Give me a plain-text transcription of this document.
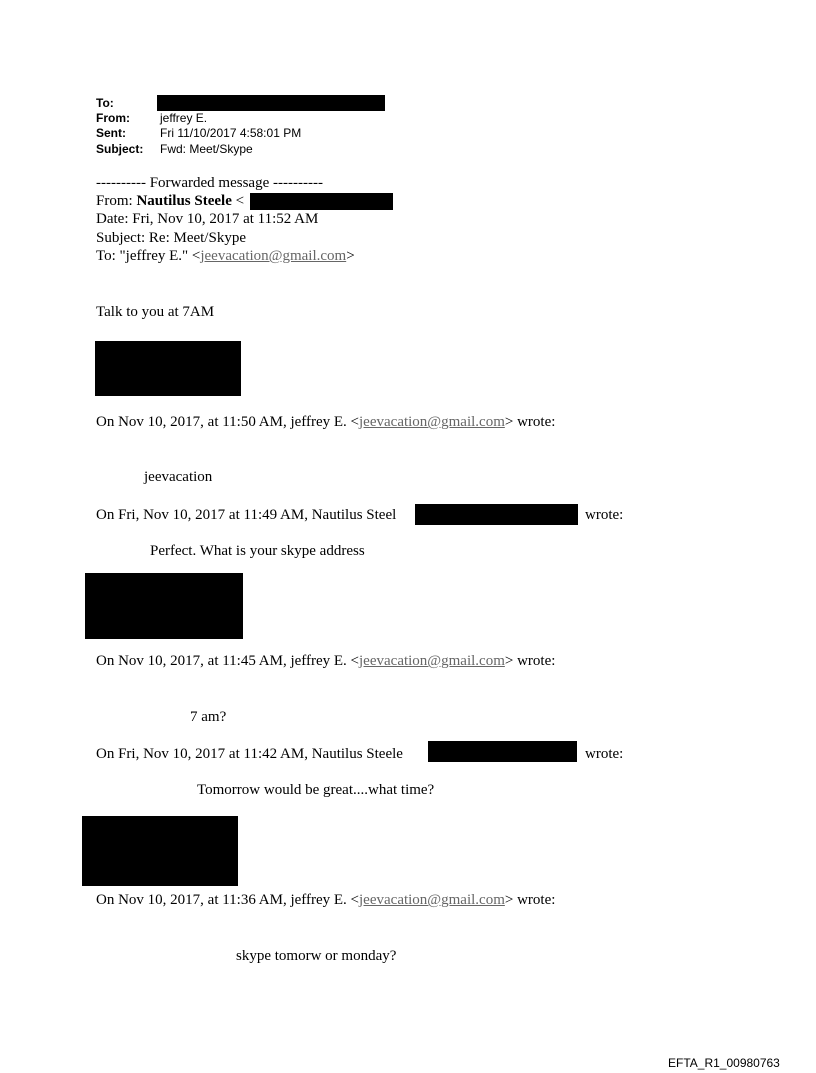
To:
From:	jeffrey E.
Sent:	Fri 11/10/2017 4:58:01 PM
Subject: Fwd: Meet/Skype
---------- Forwarded message ----------
From: Nautilus Steele <
Date: Fri, Nov 10, 2017 at 11:52 AM
Subject: Re: Meet/Skype
To: "jeffrey E." <jeevacation@gmail.com>
Talk to you at 7AM
On Nov 10, 2017, at 11:50 AM, jeffrey E. <jeevacation@gmail.com> wrote:
jeevacation
On Fri, Nov 10, 2017 at 11:49 AM, Nautilus Steel	wrote:
Perfect. What is your skype address
On Nov 10, 2017, at 11:45 AM, jeffrey E. <jeevacation@gmail.com> wrote:
7 am?
On Fri, Nov 10, 2017 at 11:42 AM, Nautilus Steele	wrote:
Tomorrow would be great....what time?
On Nov 10, 2017, at 11:36 AM, jeffrey E. <jeevacation@gmail.com> wrote:
skype tomorw or monday?
EFTA_R1_00980763
